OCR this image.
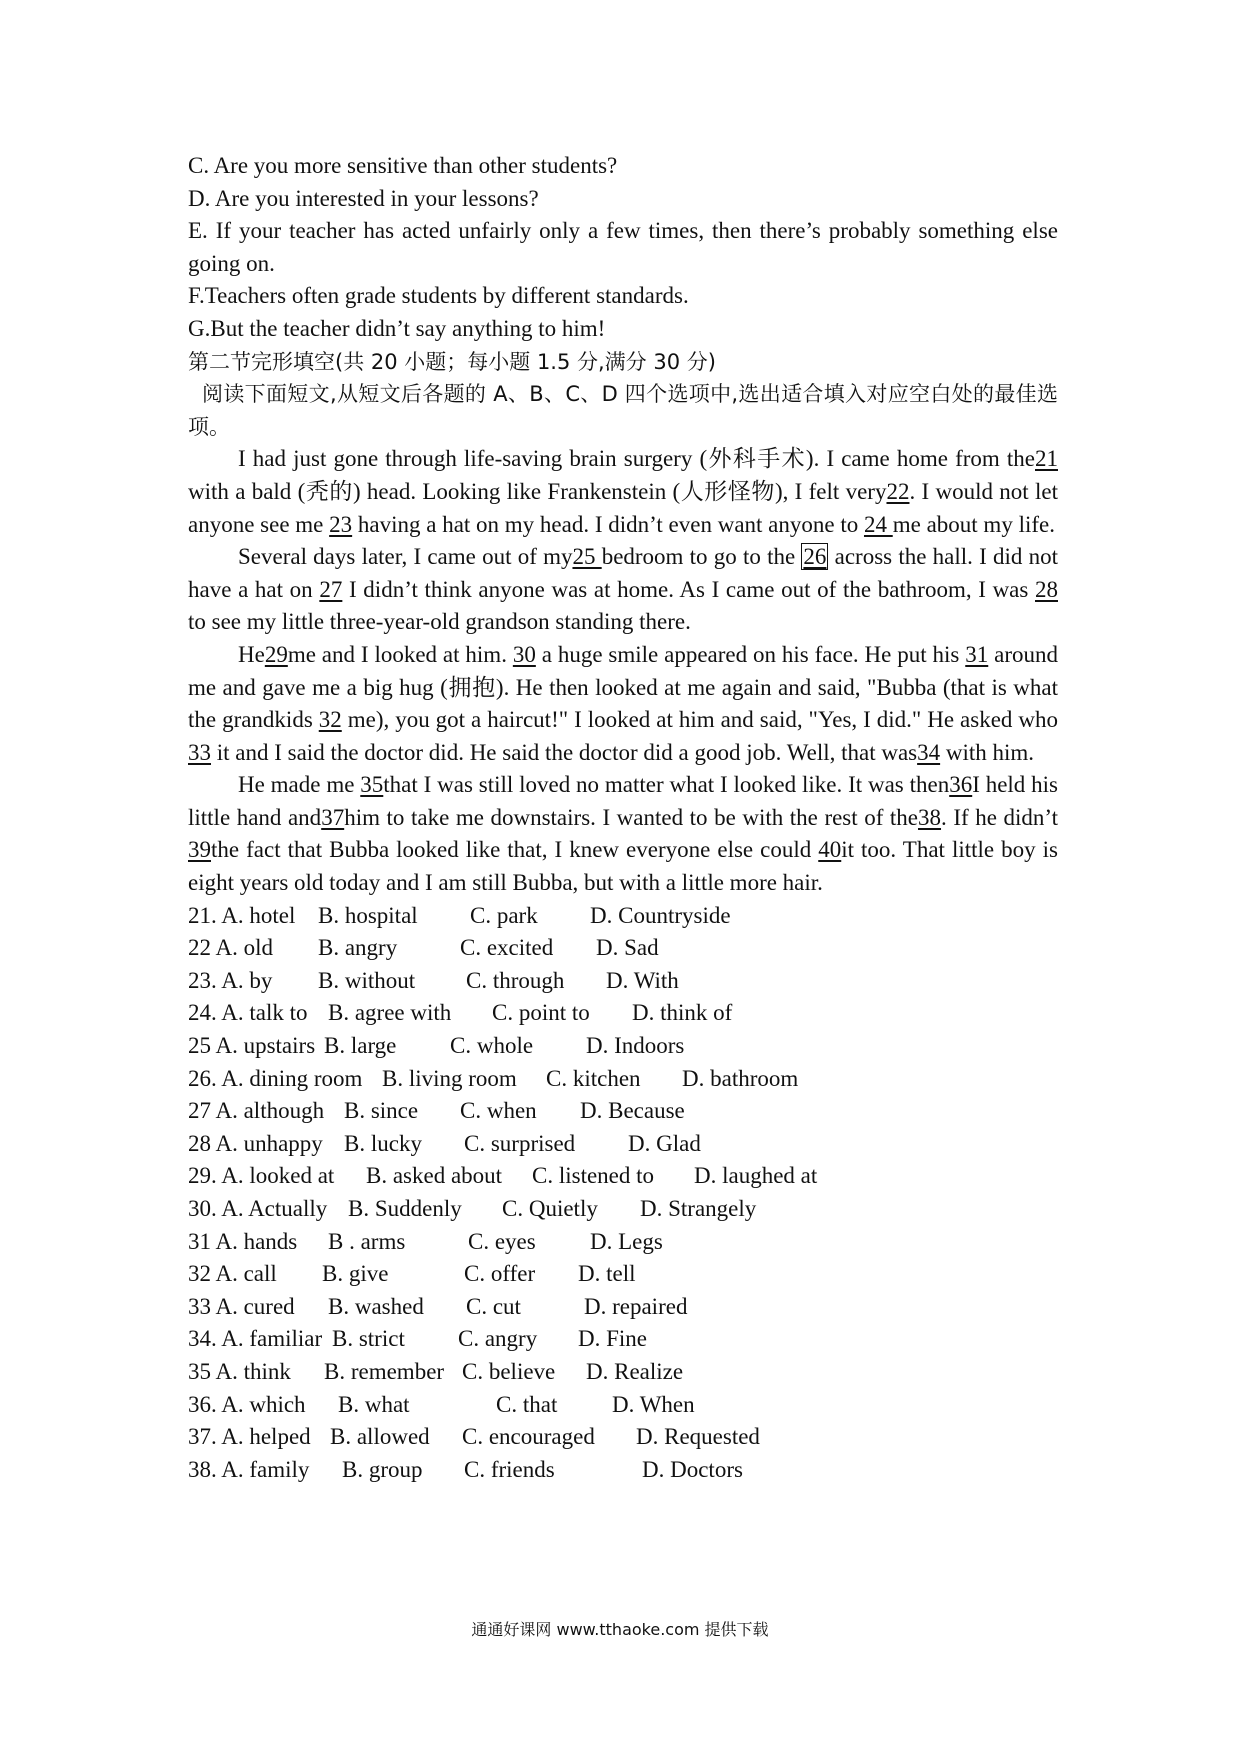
C. Are you more sensitive than other students?
D. Are you interested in your lessons?
E. If your teacher has acted unfairly only a few times, then there’s probably something else going on.
F.Teachers often grade students by different standards.
G.But the teacher didn’t say anything to him!
第二节完形填空(共 20 小题；每小题 1.5 分,满分 30 分)
阅读下面短文,从短文后各题的 A、B、C、D 四个选项中,选出适合填入对应空白处的最佳选项。
I had just gone through life-saving brain surgery (外科手术). I came home from the21 with a bald (秃的) head. Looking like Frankenstein (人形怪物), I felt very22. I would not let anyone see me 23 having a hat on my head. I didn’t even want anyone to 24 me about my life.
Several days later, I came out of my25 bedroom to go to the 26 across the hall. I did not have a hat on 27 I didn’t think anyone was at home. As I came out of the bathroom, I was 28 to see my little three-year-old grandson standing there.
He29me and I looked at him. 30 a huge smile appeared on his face. He put his 31 around me and gave me a big hug (拥抱). He then looked at me again and said, "Bubba (that is what the grandkids 32 me), you got a haircut!" I looked at him and said, "Yes, I did." He asked who 33 it and I said the doctor did. He said the doctor did a good job. Well, that was34 with him.
He made me 35that I was still loved no matter what I looked like. It was then36I held his little hand and37him to take me downstairs. I wanted to be with the rest of the38. If he didn’t 39the fact that Bubba looked like that, I knew everyone else could 40it too. That little boy is eight years old today and I am still Bubba, but with a little more hair.
21. A. hotel B. hospital C. park D. Countryside
22 A. old B. angry	C. excited D. Sad
23. A. by B. without C. through D. With
24. A. talk to B. agree with C. point to D. think of
25 A. upstairs B. large C. whole D. Indoors
26. A. dining room B. living room C. kitchen D. bathroom
27 A. although B. since C. when D. Because
28 A. unhappy B. lucky C. surprised D. Glad
29. A. looked at B. asked about C. listened to D. laughed at
30. A. Actually B. Suddenly C. Quietly D. Strangely
31 A. hands B . arms	C. eyes D. Legs
32 A. call B. give	C. offer D. tell
33 A. cured B. washed C. cut	D. repaired
34. A. familiar B. strict C. angry D. Fine
35 A. think B. remember C. believe D. Realize
36. A. which B. what	C. that D. When
37. A. helped B. allowed C. encouraged D. Requested
38. A. family B. group C. friends	D. Doctors
通通好课网 www.tthaoke.com 提供下载
